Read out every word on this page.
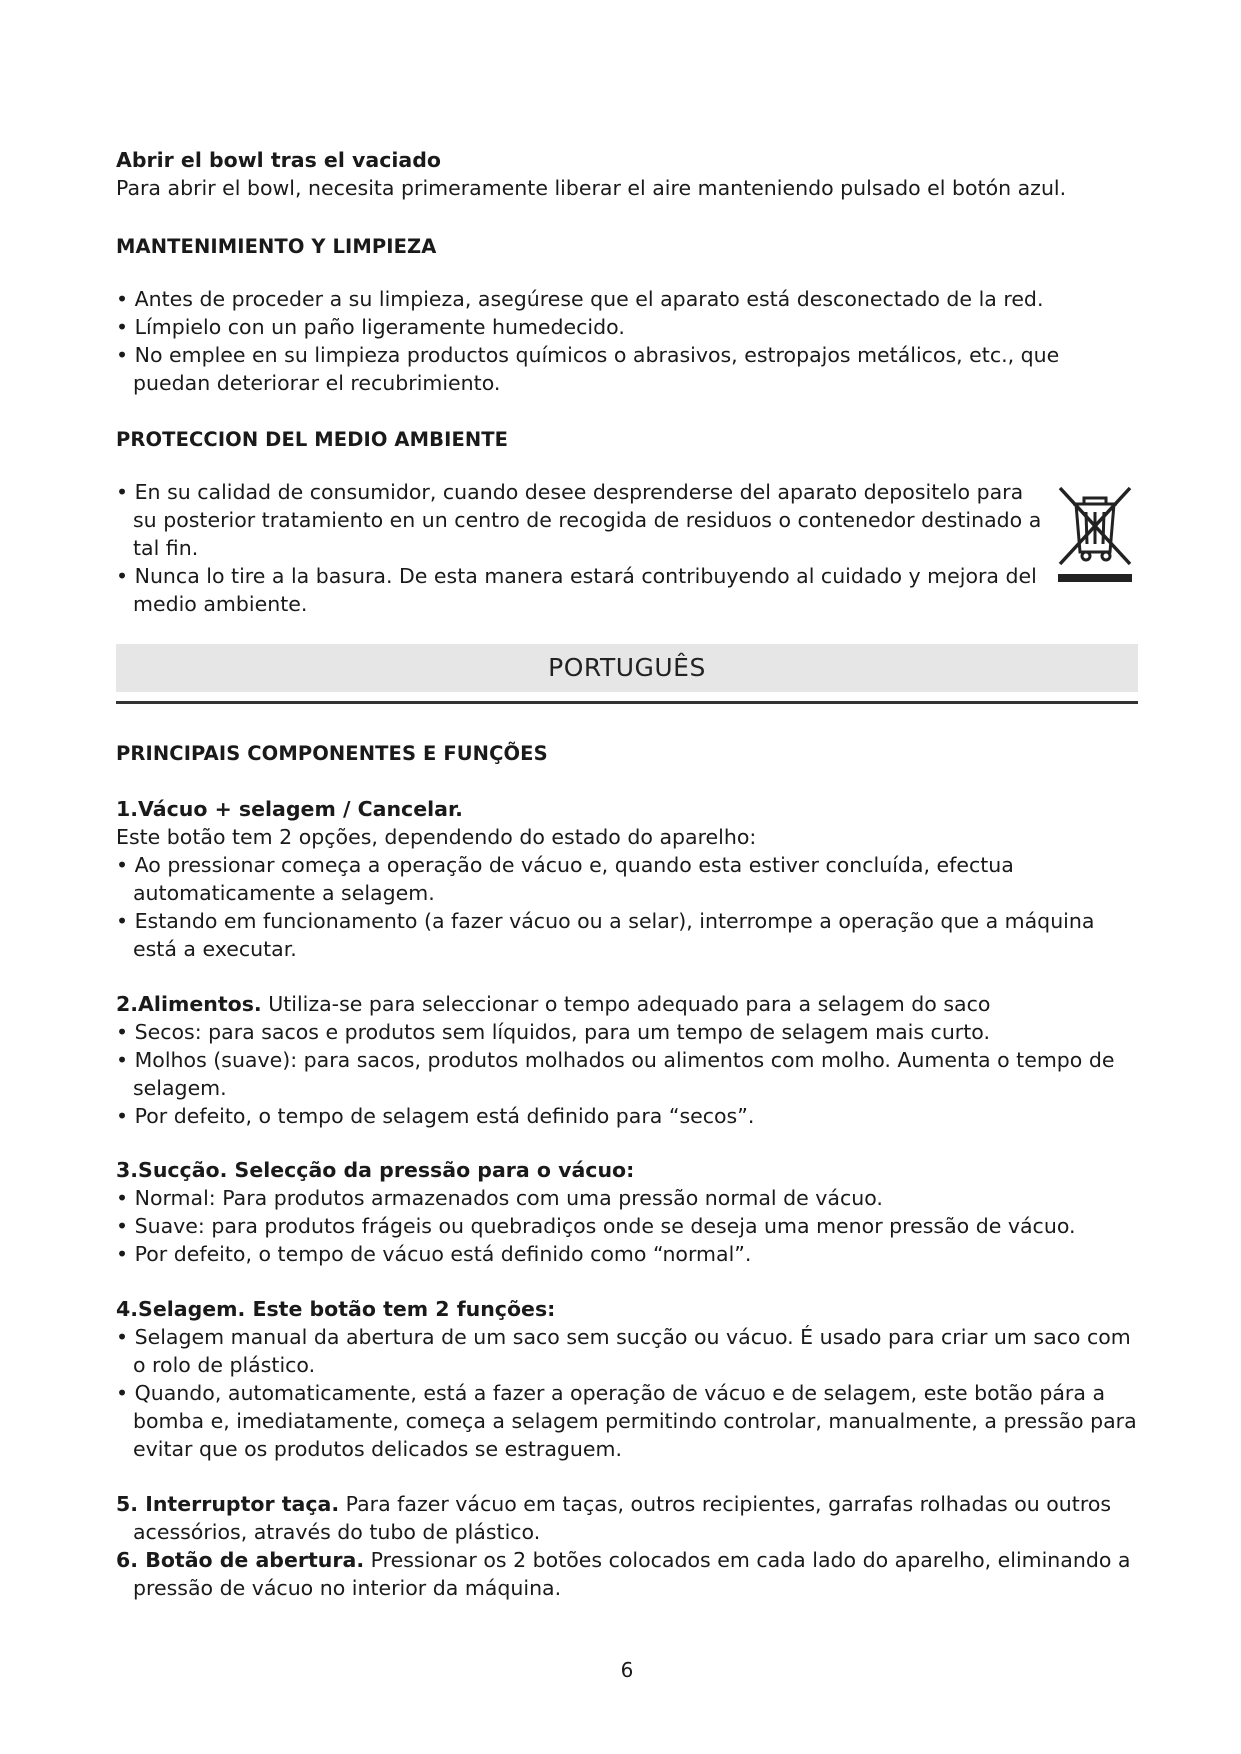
Abrir el bowl tras el vaciado
Para abrir el bowl, necesita primeramente liberar el aire manteniendo pulsado el botón azul.
MANTENIMIENTO Y LIMPIEZA
• Antes de proceder a su limpieza, asegúrese que el aparato está desconectado de la red.
• Límpielo con un paño ligeramente humedecido.
• No emplee en su limpieza productos químicos o abrasivos, estropajos metálicos, etc., que puedan deteriorar el recubrimiento.
PROTECCION DEL MEDIO AMBIENTE
• En su calidad de consumidor, cuando desee desprenderse del aparato depositelo para su posterior tratamiento en un centro de recogida de residuos o contenedor destinado a tal fin.
• Nunca lo tire a la basura. De esta manera estará contribuyendo al cuidado y mejora del medio ambiente.
PORTUGUÊS
PRINCIPAIS COMPONENTES E FUNÇÕES
1.Vácuo + selagem / Cancelar.
Este botão tem 2 opções, dependendo do estado do aparelho:
• Ao pressionar começa a operação de vácuo e, quando esta estiver concluída, efectua automaticamente a selagem.
• Estando em funcionamento (a fazer vácuo ou a selar), interrompe a operação que a máquina está a executar.
2.Alimentos. Utiliza-se para seleccionar o tempo adequado para a selagem do saco
• Secos: para sacos e produtos sem líquidos, para um tempo de selagem mais curto.
• Molhos (suave): para sacos, produtos molhados ou alimentos com molho. Aumenta o tempo de selagem.
• Por defeito, o tempo de selagem está definido para “secos”.
3.Sucção. Selecção da pressão para o vácuo:
• Normal: Para produtos armazenados com uma pressão normal de vácuo.
• Suave: para produtos frágeis ou quebradiços onde se deseja uma menor pressão de vácuo.
• Por defeito, o tempo de vácuo está definido como “normal”.
4.Selagem. Este botão tem 2 funções:
• Selagem manual da abertura de um saco sem sucção ou vácuo. É usado para criar um saco com o rolo de plástico.
• Quando, automaticamente, está a fazer a operação de vácuo e de selagem, este botão pára a bomba e, imediatamente, começa a selagem permitindo controlar, manualmente, a pressão para evitar que os produtos delicados se estraguem.
5. Interruptor taça. Para fazer vácuo em taças, outros recipientes, garrafas rolhadas ou outros acessórios, através do tubo de plástico.
6. Botão de abertura. Pressionar os 2 botões colocados em cada lado do aparelho, eliminando a pressão de vácuo no interior da máquina.
6
